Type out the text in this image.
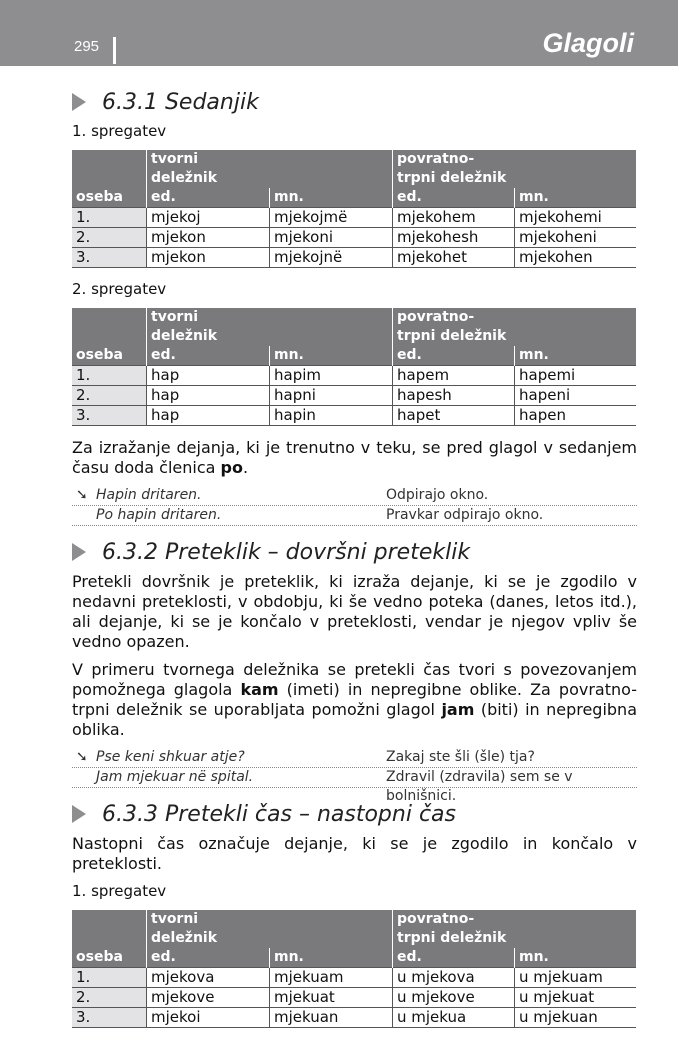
295	Glagoli
6.3.1 Sedanjik
1. spregatev
	tvorni deležnik		povratno-trpni deležnik	
oseba	ed.	mn.	ed.	mn.
1.	mjekoj	mjekojmë	mjekohem	mjekohemi
2.	mjekon	mjekoni	mjekohesh	mjekoheni
3.	mjekon	mjekojnë	mjekohet	mjekohen
2. spregatev
	tvorni deležnik		povratno-trpni deležnik	
oseba	ed.	mn.	ed.	mn.
1.	hap	hapim	hapem	hapemi
2.	hap	hapni	hapesh	hapeni
3.	hap	hapin	hapet	hapen

Za izražanje dejanja, ki je trenutno v teku, se pred glagol v sedanjem času doda členica po.

➘ Hapin dritaren.	Odpirajo okno.
Po hapin dritaren.	Pravkar odpirajo okno.
6.3.2 Preteklik – dovršni preteklik

Pretekli dovršnik je preteklik, ki izraža dejanje, ki se je zgodilo v nedavni preteklosti, v obdobju, ki še vedno poteka (danes, letos itd.), ali dejanje, ki se je končalo v preteklosti, vendar je njegov vpliv še vedno opazen.

V primeru tvornega deležnika se pretekli čas tvori s povezovanjem pomožnega glagola kam (imeti) in nepregibne oblike. Za povratno-trpni deležnik se uporabljata pomožni glagol jam (biti) in nepregibna oblika.

➘ Pse keni shkuar atje?	Zakaj ste šli (šle) tja?
Jam mjekuar në spital.	Zdravil (zdravila) sem se v bolnišnici.
6.3.3 Pretekli čas – nastopni čas

Nastopni čas označuje dejanje, ki se je zgodilo in končalo v preteklosti.

1. spregatev
	tvorni deležnik		povratno-trpni deležnik	
oseba	ed.	mn.	ed.	mn.
1.	mjekova	mjekuam	u mjekova	u mjekuam
2.	mjekove	mjekuat	u mjekove	u mjekuat
3.	mjekoi	mjekuan	u mjekua	u mjekuan
